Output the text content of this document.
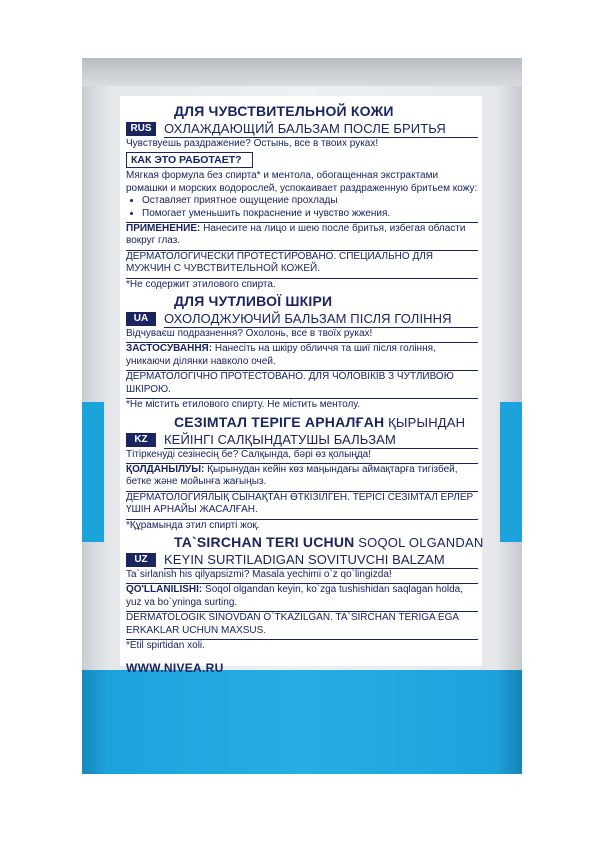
ДЛЯ ЧУВСТВИТЕЛЬНОЙ КОЖИ
RUS ОХЛАЖДАЮЩИЙ БАЛЬЗАМ ПОСЛЕ БРИТЬЯ
Чувствуешь раздражение? Остынь, все в твоих руках!
КАК ЭТО РАБОТАЕТ?
Мягкая формула без спирта* и ментола, обогащенная экстрактами ромашки и морских водорослей, успокаивает раздраженную бритьем кожу:
• Оставляет приятное ощущение прохлады
• Помогает уменьшить покраснение и чувство жжения.
ПРИМЕНЕНИЕ: Нанесите на лицо и шею после бритья, избегая области вокруг глаз.
ДЕРМАТОЛОГИЧЕСКИ ПРОТЕСТИРОВАНО. СПЕЦИАЛЬНО ДЛЯ МУЖЧИН С ЧУВСТВИТЕЛЬНОЙ КОЖЕЙ.
*Не содержит этилового спирта.
ДЛЯ ЧУТЛИВОЇ ШКІРИ
UA	ОХОЛОДЖУЮЧИЙ БАЛЬЗАМ ПІСЛЯ ГОЛІННЯ
Відчуваєш подразнення? Охолонь, все в твоїх руках!
ЗАСТОСУВАННЯ: Нанесіть на шкіру обличчя та шиї після гоління, уникаючи ділянки навколо очей.
ДЕРМАТОЛОГІЧНО ПРОТЕСТОВАНО. ДЛЯ ЧОЛОВІКІВ З ЧУТЛИВОЮ ШКІРОЮ.
*Не містить етилового спирту. Не містить ментолу.
СЕЗІМТАЛ ТЕРІГЕ АРНАЛҒАН ҚЫРЫНДАН
KZ	КЕЙІНГІ САЛҚЫНДАТУШЫ БАЛЬЗАМ
Тітіркенуді сезінесің бе? Салқында, бәрі өз қолыңда!
ҚОЛДАНЫЛУЫ: Қырынудан кейін көз маңындағы аймақтарға тигізбей, бетке және мойынға жағыңыз.
ДЕРМАТОЛОГИЯЛЫҚ СЫНАҚТАН ӨТКІЗІЛГЕН. ТЕРІСІ СЕЗІМТАЛ ЕРЛЕР ҮШІН АРНАЙЫ ЖАСАЛҒАН.
*Құрамында этил спирті жоқ.
TA`SIRCHAN TERI UCHUN SOQOL OLGANDAN
UZ	KEYIN SURTILADIGAN SOVITUVCHI BALZAM
Ta`sirlanish his qilyapsizmi? Masala yechimi o`z qo`lingizda!
QO'LLANILISHI: Soqol olgandan keyin, ko`zga tushishidan saqlagan holda, yuz va bo`yninga surting.
DERMATOLOGIK SINOVDAN O`TKAZILGAN. TA`SIRCHAN TERIGA EGA ERKAKLAR UCHUN MAXSUS.
*Etil spirtidan xoli.
WWW.NIVEA.RU
